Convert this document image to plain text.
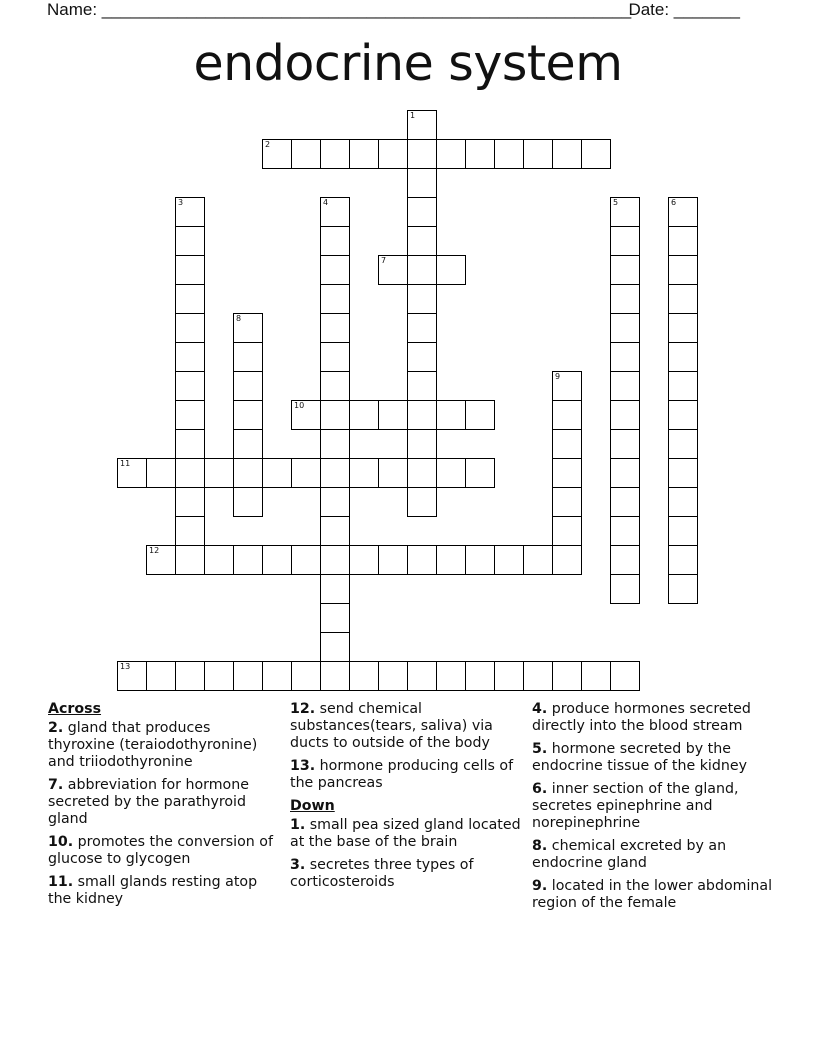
Name: ________________________________________________________
Date: _______
endocrine system
1
2
3	4	5	6
7
8
9
10
11
12
13
Across
2. gland that produces thyroxine (teraiodothyronine) and triiodothyronine
7. abbreviation for hormone secreted by the parathyroid gland
10. promotes the conversion of glucose to glycogen
11. small glands resting atop the kidney
12. send chemical substances(tears, saliva) via ducts to outside of the body
13. hormone producing cells of the pancreas
Down
1. small pea sized gland located at the base of the brain
3. secretes three types of corticosteroids
4. produce hormones secreted directly into the blood stream
5. hormone secreted by the endocrine tissue of the kidney
6. inner section of the gland, secretes epinephrine and norepinephrine
8. chemical excreted by an endocrine gland
9. located in the lower abdominal region of the female
